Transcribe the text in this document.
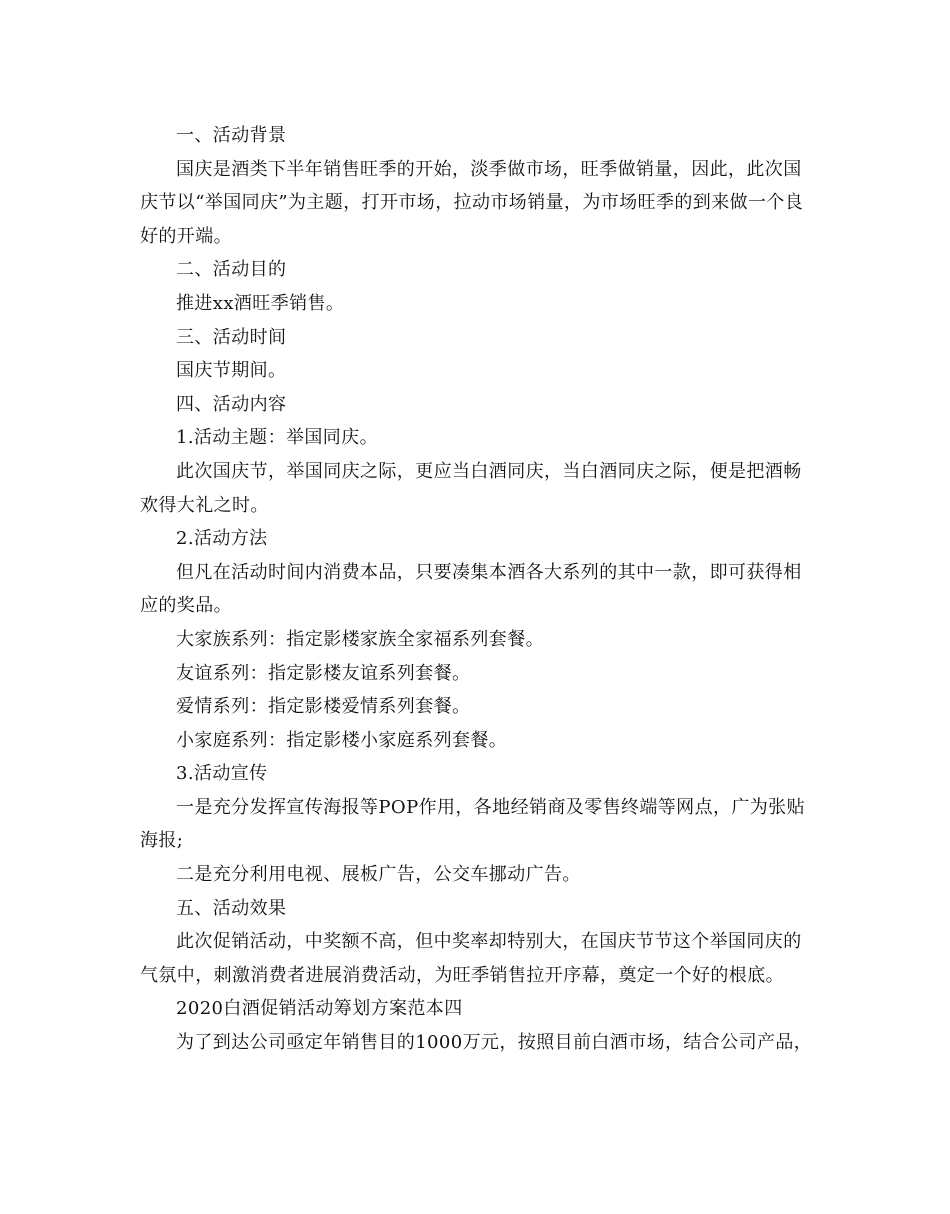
一、活动背景

国庆是酒类下半年销售旺季的开始，淡季做市场，旺季做销量，因此，此次国庆节以“举国同庆”为主题，打开市场，拉动市场销量，为市场旺季的到来做一个良好的开端。

二、活动目的

推进xx酒旺季销售。

三、活动时间

国庆节期间。

四、活动内容

1.活动主题：举国同庆。

此次国庆节，举国同庆之际，更应当白酒同庆，当白酒同庆之际，便是把酒畅欢得大礼之时。

2.活动方法

但凡在活动时间内消费本品，只要凑集本酒各大系列的其中一款，即可获得相应的奖品。

大家族系列：指定影楼家族全家福系列套餐。

友谊系列：指定影楼友谊系列套餐。

爱情系列：指定影楼爱情系列套餐。

小家庭系列：指定影楼小家庭系列套餐。

3.活动宣传

一是充分发挥宣传海报等POP作用，各地经销商及零售终端等网点，广为张贴海报;

二是充分利用电视、展板广告，公交车挪动广告。

五、活动效果

此次促销活动，中奖额不高，但中奖率却特别大，在国庆节节这个举国同庆的气氛中，刺激消费者进展消费活动，为旺季销售拉开序幕，奠定一个好的根底。

2020白酒促销活动筹划方案范本四

为了到达公司亟定年销售目的1000万元，按照目前白酒市场，结合公司产品，
